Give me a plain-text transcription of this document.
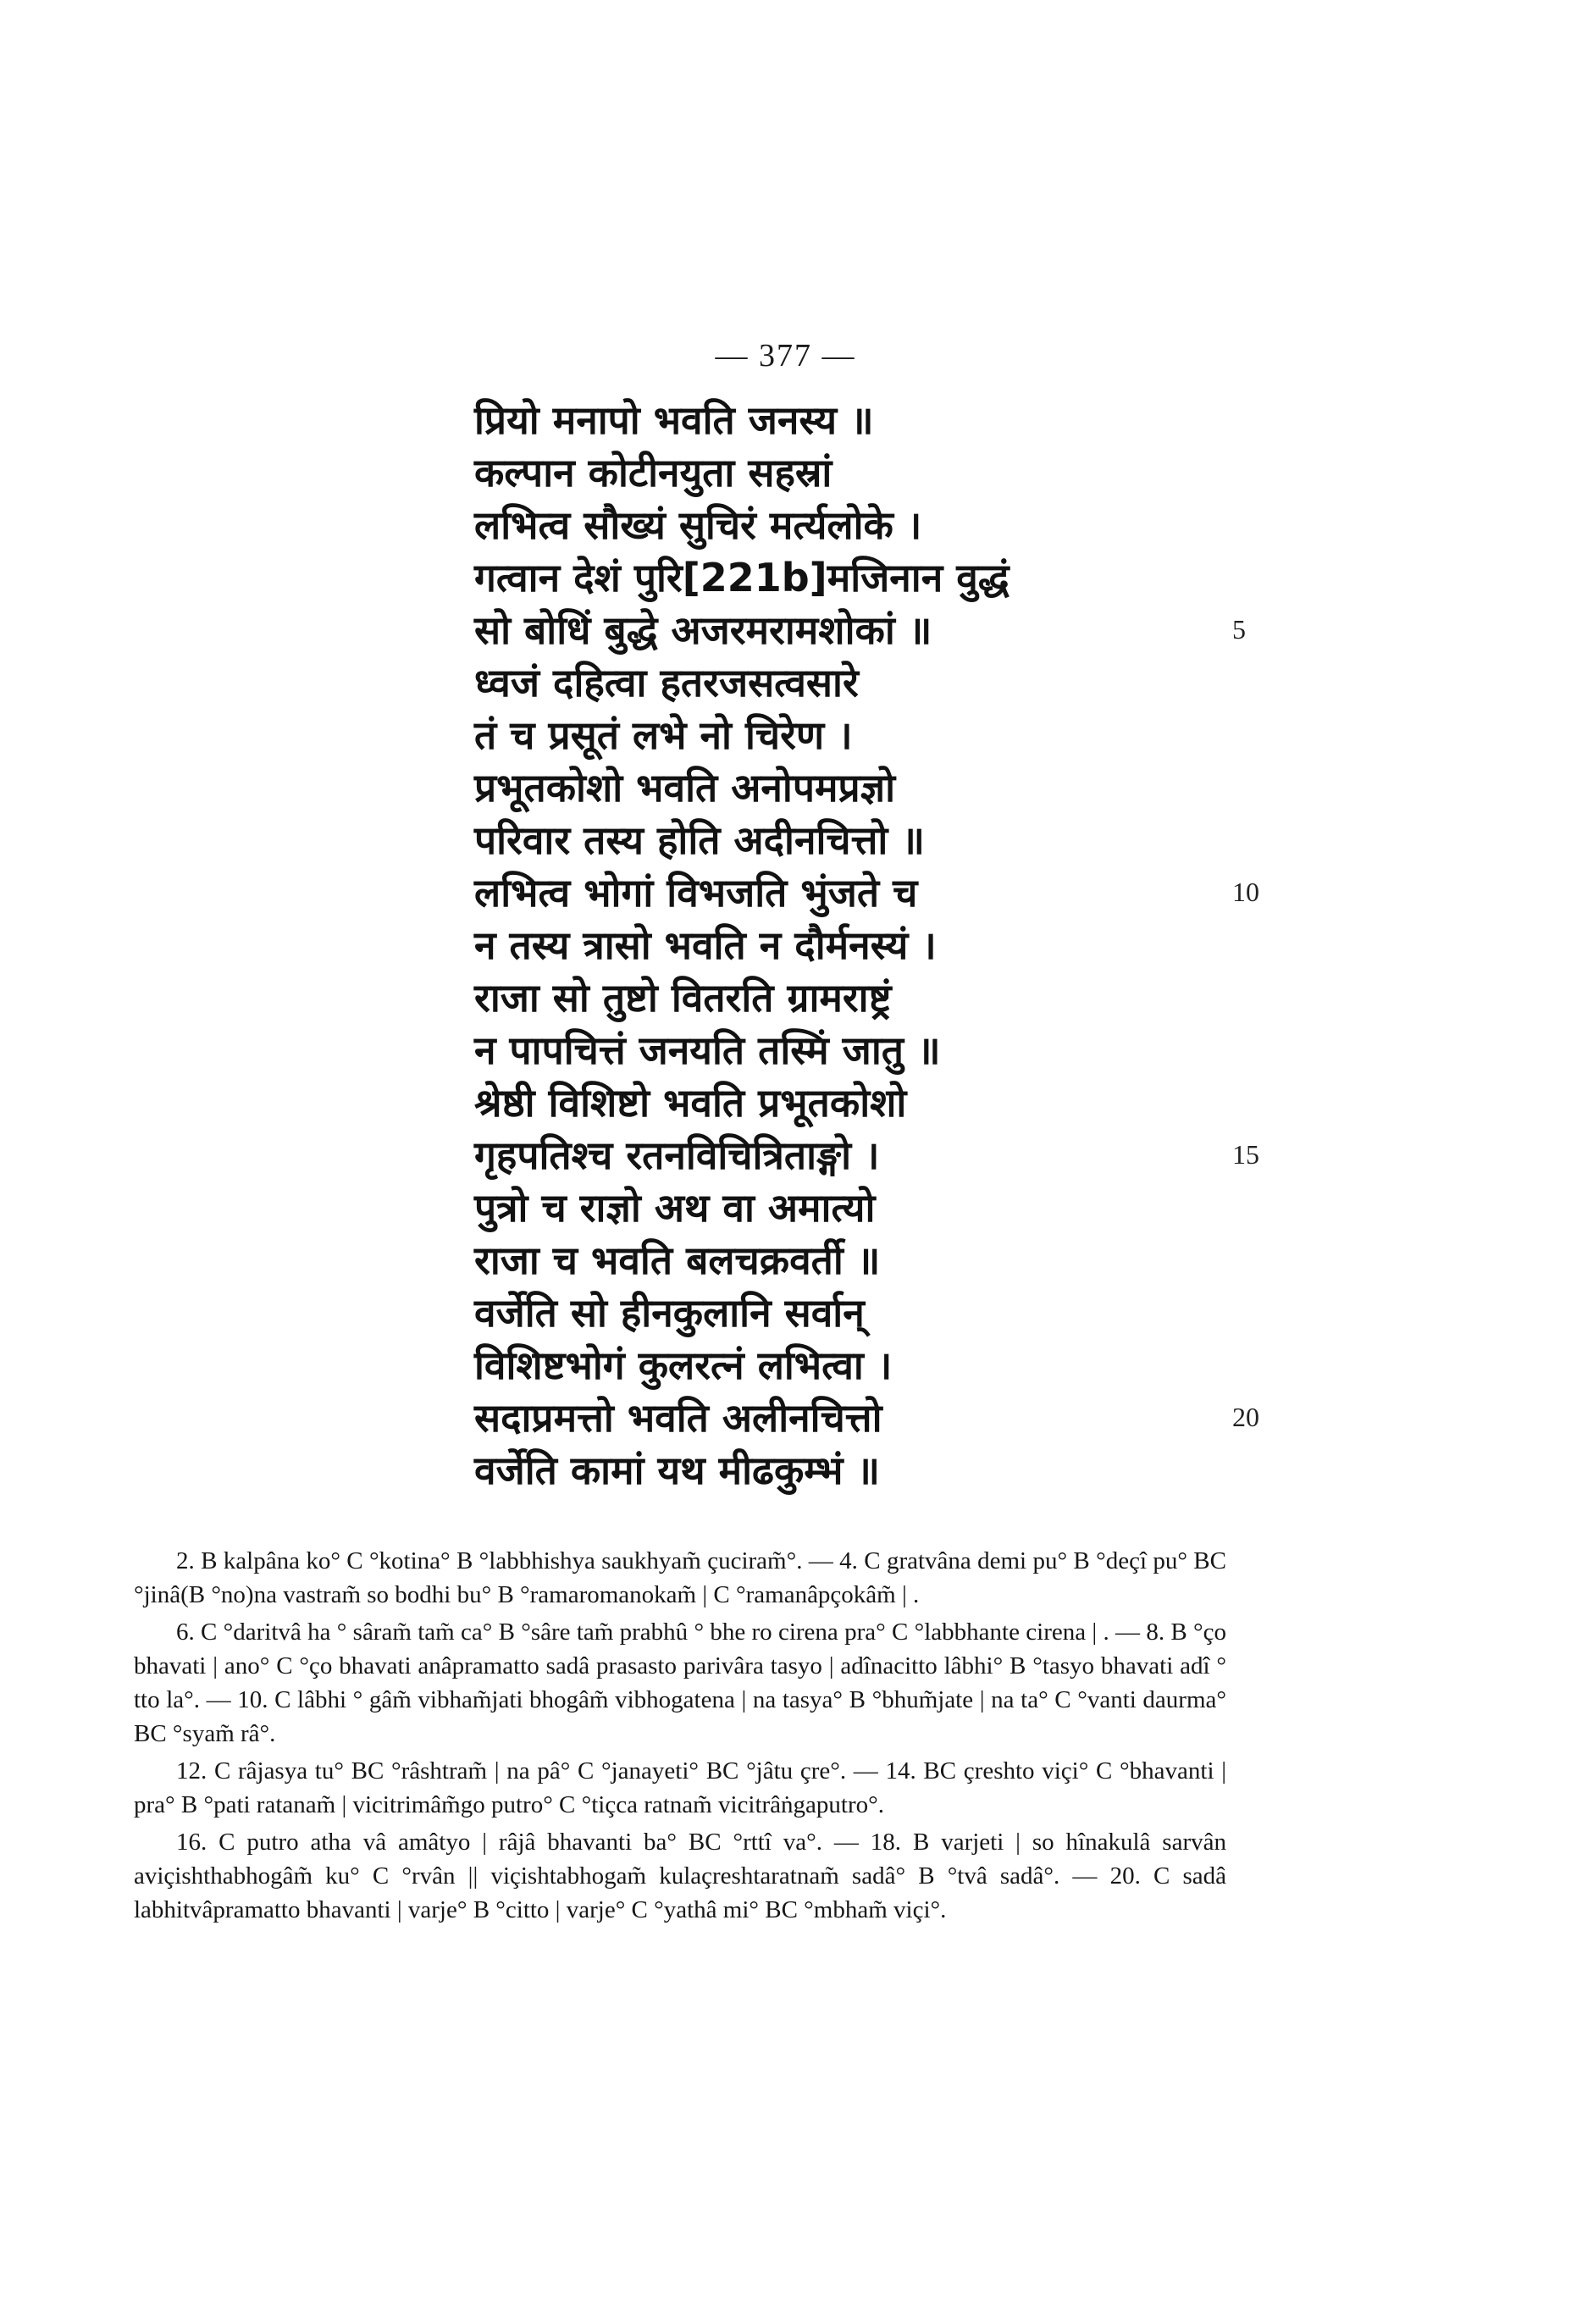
— 377 —
प्रियो मनापो भवति जनस्य ॥
कल्पान कोटीनयुता सहस्रां
लभित्व सौख्यं सुचिरं मर्त्यलोके ।
गत्वान देशं पुरि[221b]मजिनान वुद्धं
सो बोधिं बुद्धे अजरमरामशोकां ॥
ध्वजं दहित्वा हतरजसत्वसारे
तं च प्रसूतं लभे नो चिरेण ।
प्रभूतकोशो भवति अनोपमप्रज्ञो
परिवार तस्य होति अदीनचित्तो ॥
लभित्व भोगां विभजति भुंजते च
न तस्य त्रासो भवति न दौर्मनस्यं ।
राजा सो तुष्टो वितरति ग्रामराष्ट्रं
न पापचित्तं जनयति तस्मिं जातु ॥
श्रेष्ठी विशिष्टो भवति प्रभूतकोशो
गृहपतिश्च रतनविचित्रिताङ्गो ।
पुत्रो च राज्ञो अथ वा अमात्यो
राजा च भवति बलचक्रवर्ती ॥
वर्जेति सो हीनकुलानि सर्वान्
विशिष्टभोगं कुलरत्नं लभित्वा ।
सदाप्रमत्तो भवति अलीनचित्तो
वर्जेति कामां यथ मीढकुम्भं ॥
5
10
15
20

2. B kalpâna ko° C °kotina° B °labbhishya saukhyam̃ çuciram̃°. — 4. C gratvâna demi pu° B °deçî pu° BC °jinâ(B °no)na vastram̃ so bodhi bu° B °ramaromanokam̃ | C °ramanâpçokâm̃ | .

6. C °daritvâ ha ° sâram̃ tam̃ ca° B °sâre tam̃ prabhû ° bhe ro cirena pra° C °labbhante cirena | . — 8. B °ço bhavati | ano° C °ço bhavati anâpramatto sadâ prasasto parivâra tasyo | adînacitto lâbhi° B °tasyo bhavati adî ° tto la°. — 10. C lâbhi ° gâm̃ vibham̃jati bhogâm̃ vibhogatena | na tasya° B °bhum̃jate | na ta° C °vanti daurma° BC °syam̃ râ°.

12. C râjasya tu° BC °râshtram̃ | na pâ° C °janayeti° BC °jâtu çre°. — 14. BC çreshto viçi° C °bhavanti | pra° B °pati ratanam̃ | vicitrimâm̃go putro° C °tiçca ratnam̃ vicitrâṅgaputro°.

16. C putro atha vâ amâtyo | râjâ bhavanti ba° BC °rttî va°. — 18. B varjeti | so hînakulâ sarvân aviçishthabhogâm̃ ku° C °rvân || viçishtabhogam̃ kulaçreshtaratnam̃ sadâ° B °tvâ sadâ°. — 20. C sadâ labhitvâpramatto bhavanti | varje° B °citto | varje° C °yathâ mi° BC °mbham̃ viçi°.
